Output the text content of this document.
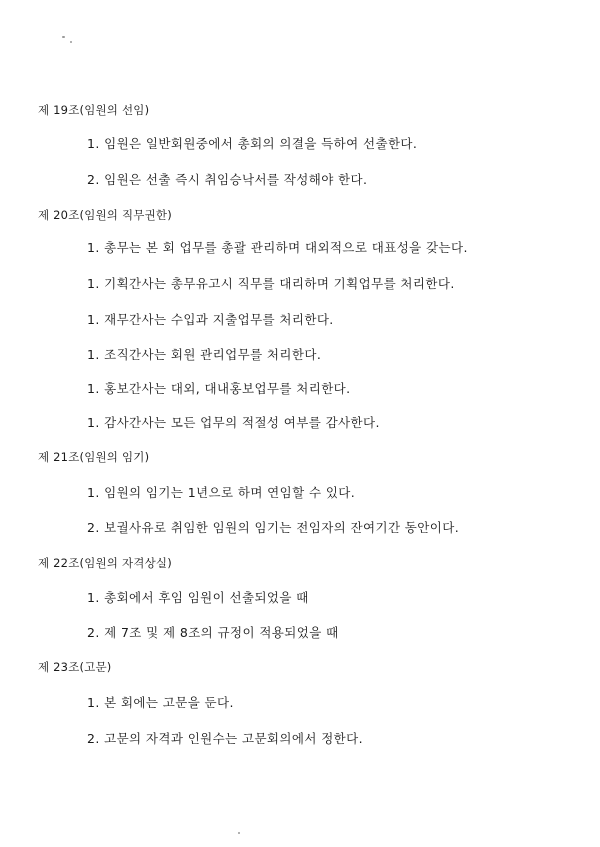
제 19조(임원의 선임)
1. 임원은 일반회원중에서 총회의 의결을 득하여 선출한다.
2. 임원은 선출 즉시 취임승낙서를 작성해야 한다.
제 20조(임원의 직무권한)
1. 총무는 본 회 업무를 총괄 관리하며 대외적으로 대표성을 갖는다.
1. 기획간사는 총무유고시 직무를 대리하며 기획업무를 처리한다.
1. 재무간사는 수입과 지출업무를 처리한다.
1. 조직간사는 회원 관리업무를 처리한다.
1. 홍보간사는 대외, 대내홍보업무를 처리한다.
1. 감사간사는 모든 업무의 적절성 여부를 감사한다.
제 21조(임원의 임기)
1. 임원의 임기는 1년으로 하며 연임할 수 있다.
2. 보궐사유로 취임한 임원의 임기는 전임자의 잔여기간 동안이다.
제 22조(임원의 자격상실)
1. 총회에서 후임 임원이 선출되었을 때
2. 제 7조 및 제 8조의 규정이 적용되었을 때
제 23조(고문)
1. 본 회에는 고문을 둔다.
2. 고문의 자격과 인원수는 고문회의에서 정한다.
